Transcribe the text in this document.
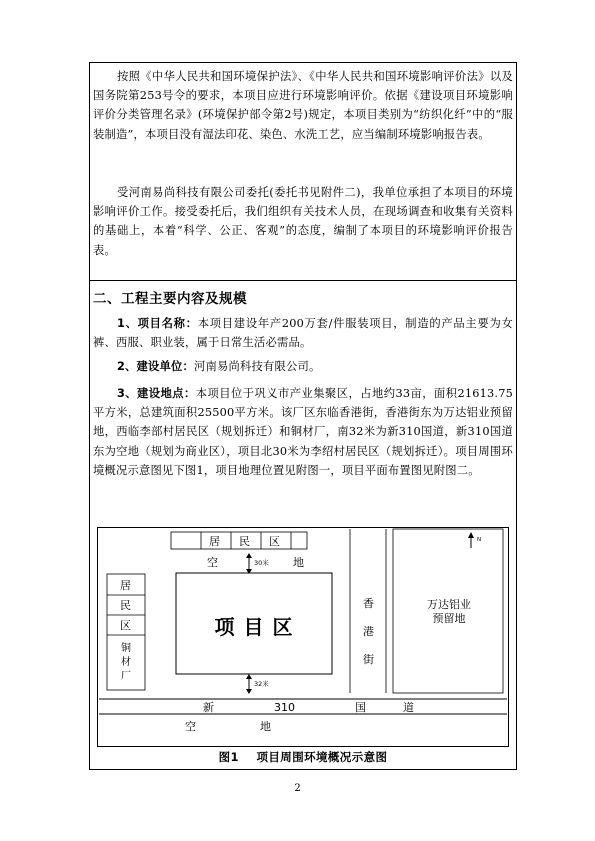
按照《中华人民共和国环境保护法》、《中华人民共和国环境影响评价法》以及国务院第253号令的要求，本项目应进行环境影响评价。依据《建设项目环境影响评价分类管理名录》(环境保护部令第2号)规定，本项目类别为“纺织化纤”中的“服装制造”，本项目没有湿法印花、染色、水洗工艺，应当编制环境影响报告表。
受河南易尚科技有限公司委托(委托书见附件二)，我单位承担了本项目的环境影响评价工作。接受委托后，我们组织有关技术人员，在现场调查和收集有关资料的基础上，本着“科学、公正、客观”的态度，编制了本项目的环境影响评价报告表。
二、工程主要内容及规模
1、项目名称：本项目建设年产200万套/件服装项目，制造的产品主要为女裤、西服、职业装，属于日常生活必需品。
2、建设单位：河南易尚科技有限公司。
3、建设地点：本项目位于巩义市产业集聚区，占地约33亩，面积21613.75平方米，总建筑面积25500平方米。该厂区东临香港街，香港街东为万达铝业预留地，西临李部村居民区（规划拆迁）和铜材厂，南32米为新310国道，新310国道东为空地（规划为商业区），项目北30米为李绍村居民区（规划拆迁）。项目周围环境概况示意图见下图1，项目地理位置见附图一，项目平面布置图见附图二。
居 民 区
空	地
30米
居
民
区
铜
材
厂
项 目 区
32米
香
港
街
万达铝业
预留地
N
新	310	国	道
空	地
图1    项目周围环境概况示意图
2
